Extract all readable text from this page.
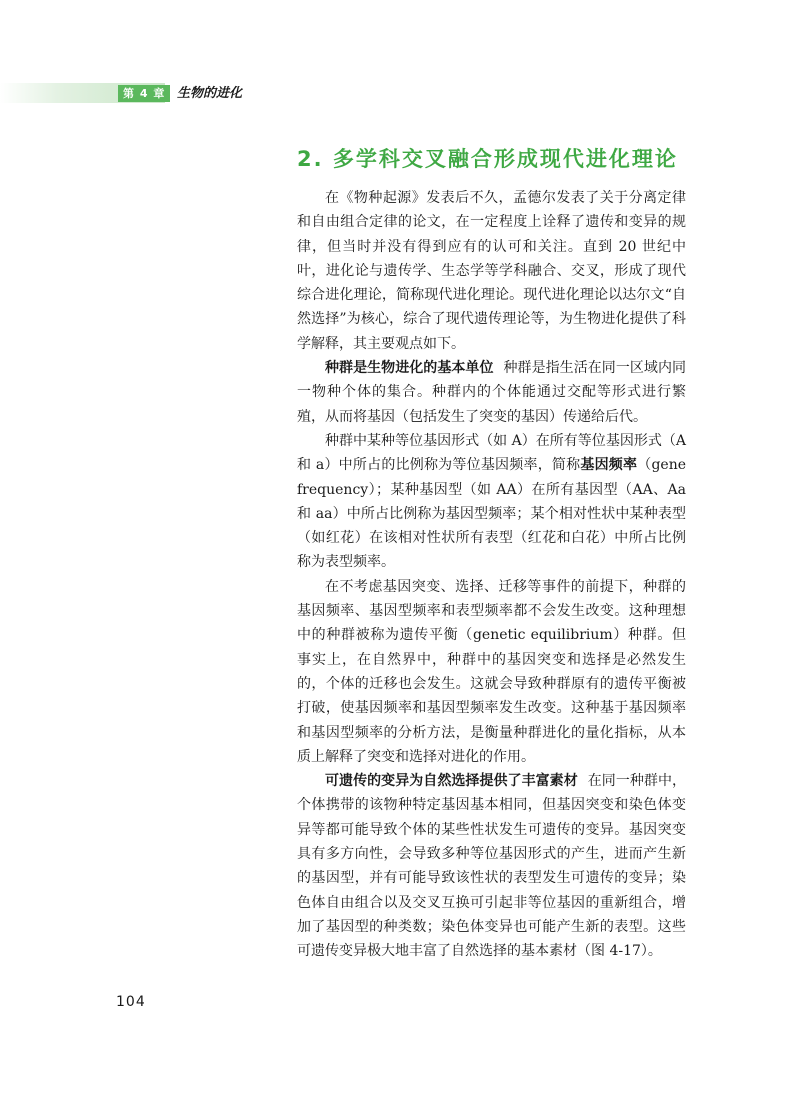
第 4 章 生物的进化
2. 多学科交叉融合形成现代进化理论

在《物种起源》发表后不久，孟德尔发表了关于分离定律和自由组合定律的论文，在一定程度上诠释了遗传和变异的规律，但当时并没有得到应有的认可和关注。直到 20 世纪中叶，进化论与遗传学、生态学等学科融合、交叉，形成了现代综合进化理论，简称现代进化理论。现代进化理论以达尔文“自然选择”为核心，综合了现代遗传理论等，为生物进化提供了科学解释，其主要观点如下。

种群是生物进化的基本单位 种群是指生活在同一区域内同一物种个体的集合。种群内的个体能通过交配等形式进行繁殖，从而将基因（包括发生了突变的基因）传递给后代。

种群中某种等位基因形式（如 A）在所有等位基因形式（A 和 a）中所占的比例称为等位基因频率，简称基因频率（gene frequency）；某种基因型（如 AA）在所有基因型（AA、Aa 和 aa）中所占比例称为基因型频率；某个相对性状中某种表型（如红花）在该相对性状所有表型（红花和白花）中所占比例称为表型频率。

在不考虑基因突变、选择、迁移等事件的前提下，种群的基因频率、基因型频率和表型频率都不会发生改变。这种理想中的种群被称为遗传平衡（genetic equilibrium）种群。但事实上，在自然界中，种群中的基因突变和选择是必然发生的，个体的迁移也会发生。这就会导致种群原有的遗传平衡被打破，使基因频率和基因型频率发生改变。这种基于基因频率和基因型频率的分析方法，是衡量种群进化的量化指标，从本质上解释了突变和选择对进化的作用。

可遗传的变异为自然选择提供了丰富素材 在同一种群中，个体携带的该物种特定基因基本相同，但基因突变和染色体变异等都可能导致个体的某些性状发生可遗传的变异。基因突变具有多方向性，会导致多种等位基因形式的产生，进而产生新的基因型，并有可能导致该性状的表型发生可遗传的变异；染色体自由组合以及交叉互换可引起非等位基因的重新组合，增加了基因型的种类数；染色体变异也可能产生新的表型。这些可遗传变异极大地丰富了自然选择的基本素材（图 4-17）。

104
